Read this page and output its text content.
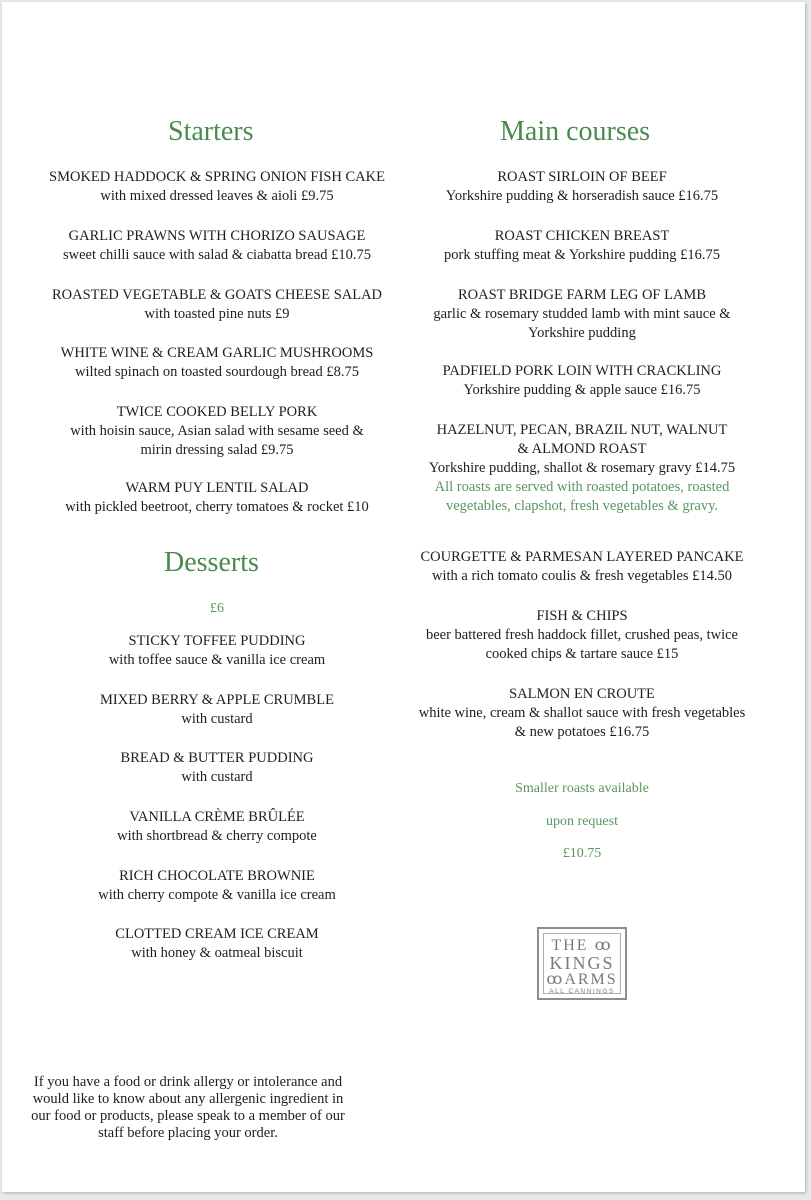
Starters
SMOKED HADDOCK & SPRING ONION FISH CAKE
with mixed dressed leaves & aioli £9.75
GARLIC PRAWNS WITH CHORIZO SAUSAGE
sweet chilli sauce with salad & ciabatta bread £10.75
ROASTED VEGETABLE & GOATS CHEESE SALAD
with toasted pine nuts £9
WHITE WINE & CREAM GARLIC MUSHROOMS
wilted spinach on toasted sourdough bread £8.75
TWICE COOKED BELLY PORK
with hoisin sauce, Asian salad with sesame seed &
mirin dressing salad £9.75
WARM PUY LENTIL SALAD
with pickled beetroot, cherry tomatoes & rocket £10
Desserts
£6
STICKY TOFFEE PUDDING
with toffee sauce & vanilla ice cream
MIXED BERRY & APPLE CRUMBLE
with custard
BREAD & BUTTER PUDDING
with custard
VANILLA CRÈME BRÛLÉE
with shortbread & cherry compote
RICH CHOCOLATE BROWNIE
with cherry compote & vanilla ice cream
CLOTTED CREAM ICE CREAM
with honey & oatmeal biscuit
Main courses
ROAST SIRLOIN OF BEEF
Yorkshire pudding & horseradish sauce £16.75
ROAST CHICKEN BREAST
pork stuffing meat & Yorkshire pudding £16.75
ROAST BRIDGE FARM LEG OF LAMB
garlic & rosemary studded lamb with mint sauce &
Yorkshire pudding
PADFIELD PORK LOIN WITH CRACKLING
Yorkshire pudding & apple sauce £16.75
HAZELNUT, PECAN, BRAZIL NUT, WALNUT
& ALMOND ROAST
Yorkshire pudding, shallot & rosemary gravy £14.75
All roasts are served with roasted potatoes, roasted
vegetables, clapshot, fresh vegetables & gravy.
COURGETTE & PARMESAN LAYERED PANCAKE
with a rich tomato coulis & fresh vegetables £14.50
FISH & CHIPS
beer battered fresh haddock fillet, crushed peas, twice
cooked chips & tartare sauce £15
SALMON EN CROUTE
white wine, cream & shallot sauce with fresh vegetables
& new potatoes £16.75
Smaller roasts available
upon request
£10.75
THE ꝏ
KINGS
ꝏARMS
ALL CANNINGS
If you have a food or drink allergy or intolerance and
would like to know about any allergenic ingredient in
our food or products, please speak to a member of our
staff before placing your order.
